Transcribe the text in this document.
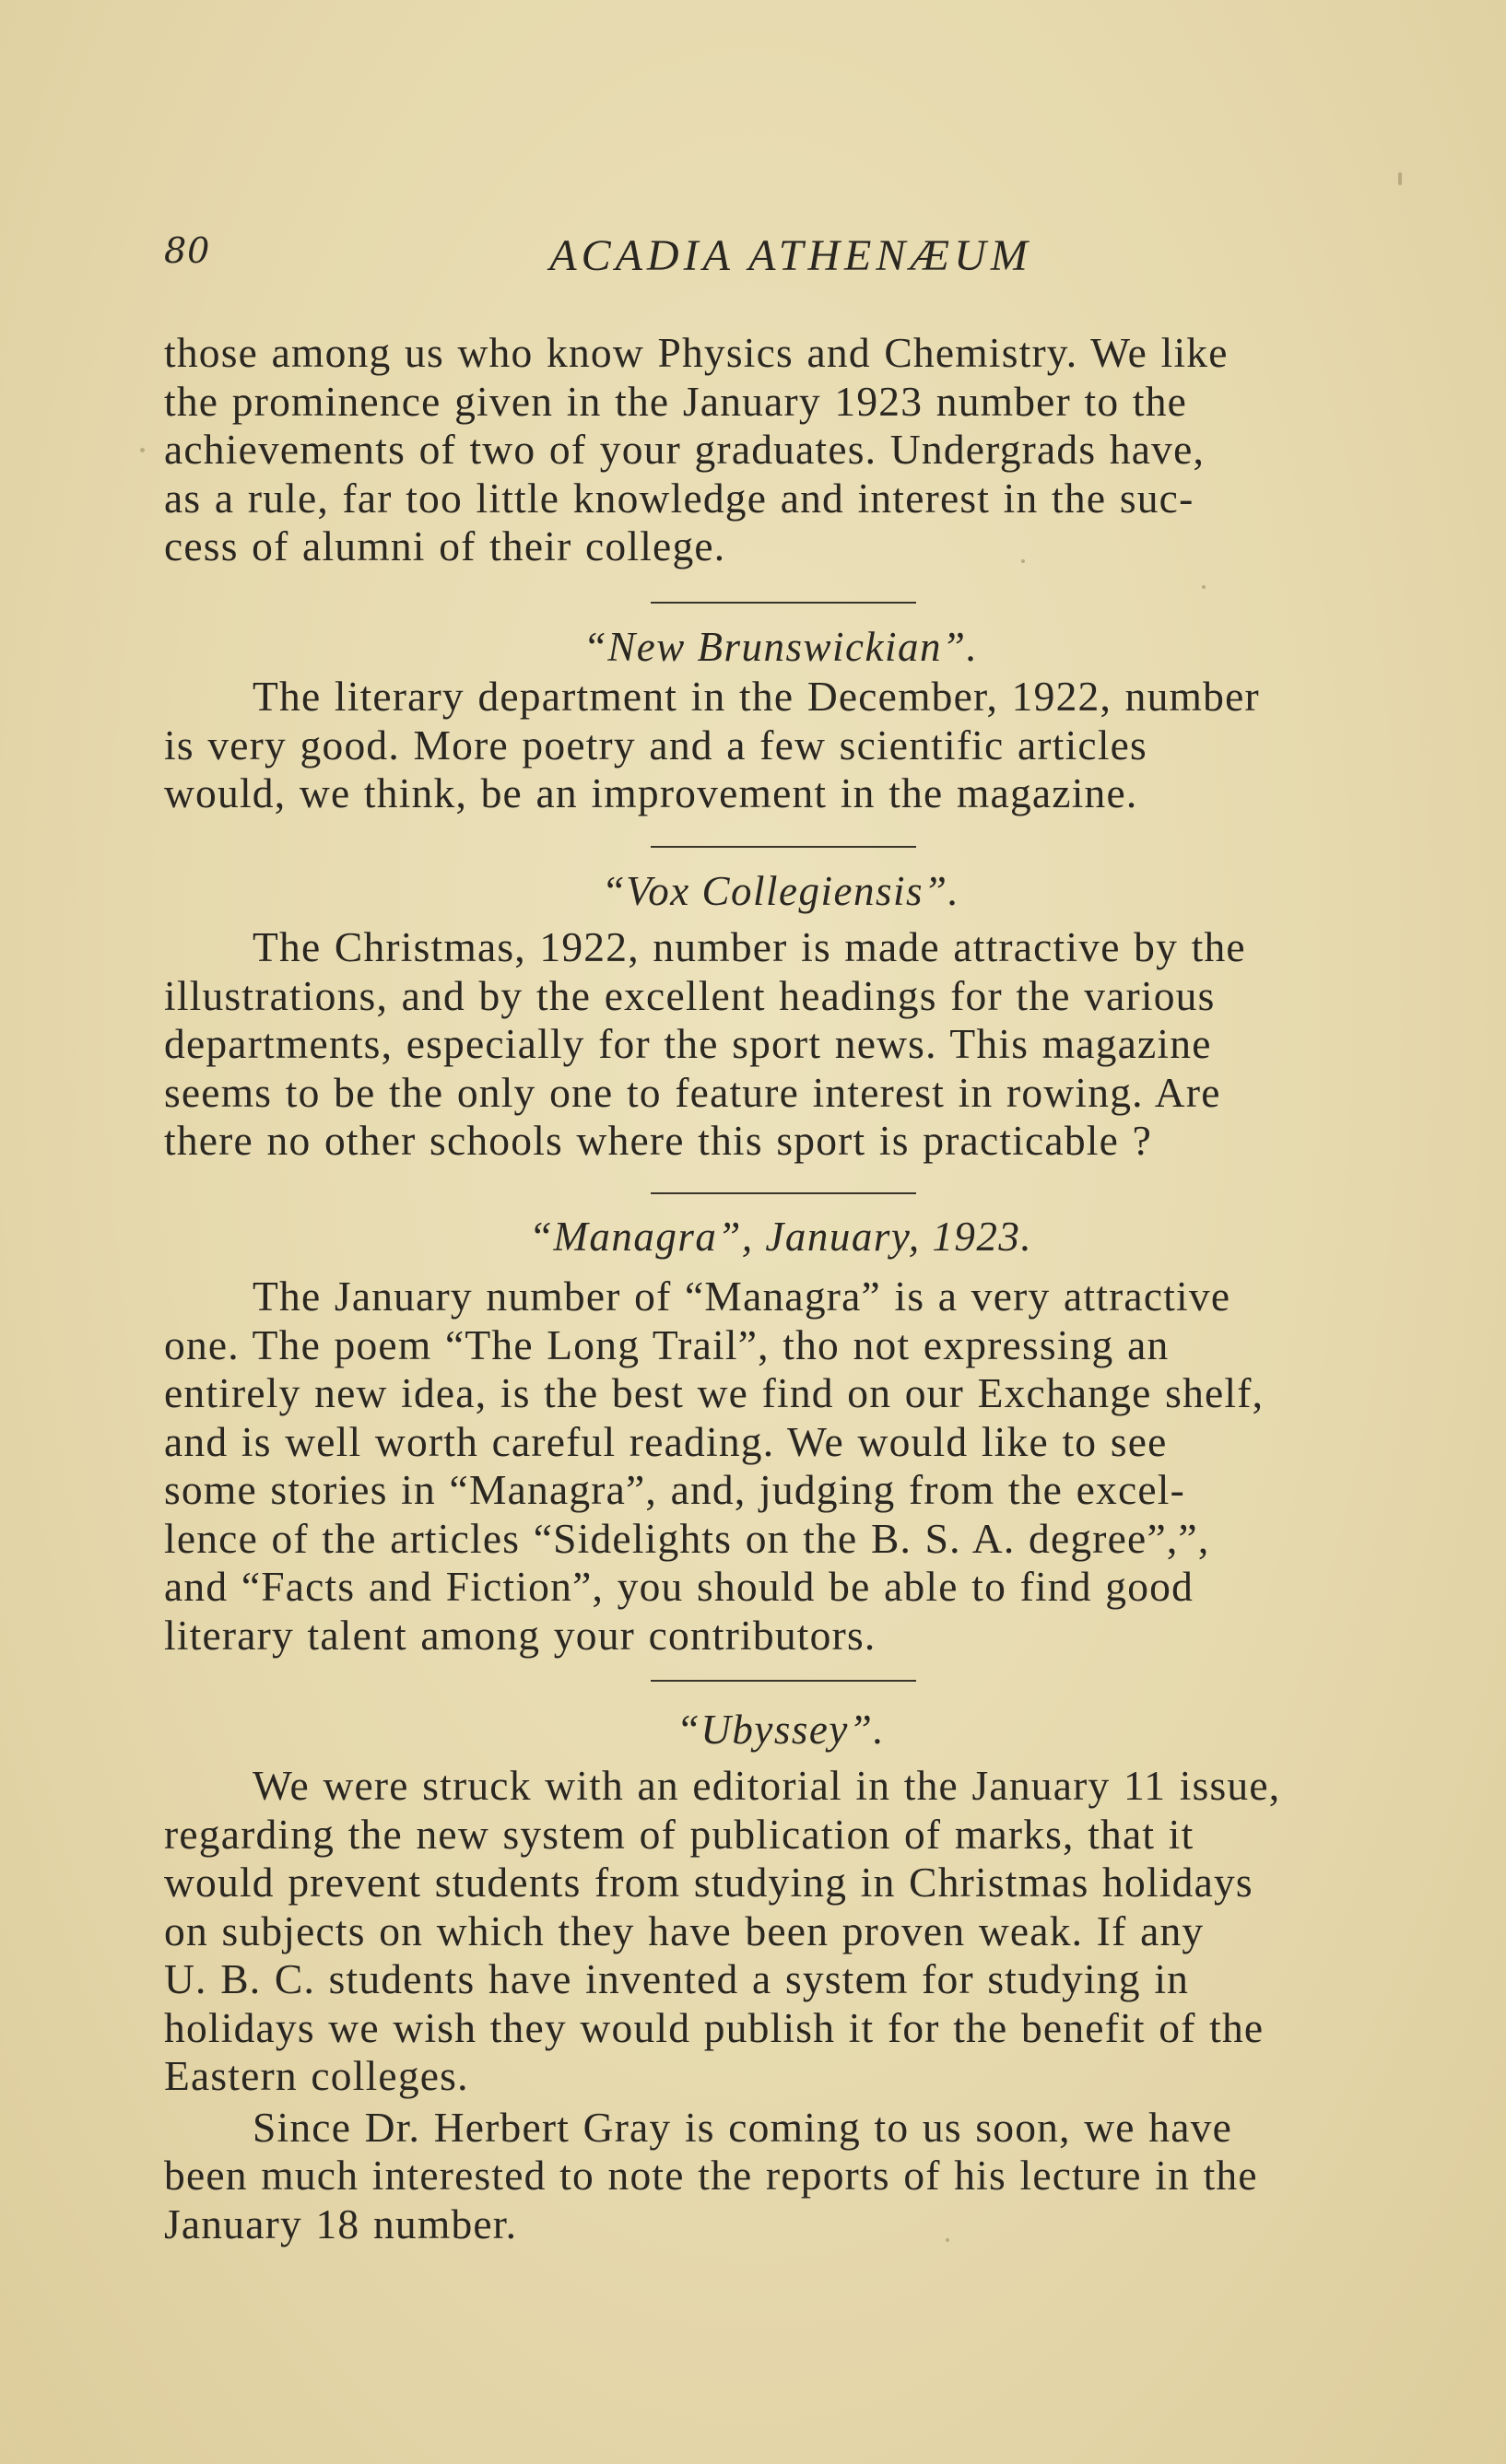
80	ACADIA ATHENÆUM
those among us who know Physics and Chemistry. We like
the prominence given in the January 1923 number to the
achievements of two of your graduates. Undergrads have,
as a rule, far too little knowledge and interest in the suc-
cess of alumni of their college.
“New Brunswickian”.
The literary department in the December, 1922, number
is very good. More poetry and a few scientific articles
would, we think, be an improvement in the magazine.
“Vox Collegiensis”.
The Christmas, 1922, number is made attractive by the
illustrations, and by the excellent headings for the various
departments, especially for the sport news. This magazine
seems to be the only one to feature interest in rowing. Are
there no other schools where this sport is practicable ?
“Managra”, January, 1923.
The January number of “Managra” is a very attractive
one. The poem “The Long Trail”, tho not expressing an
entirely new idea, is the best we find on our Exchange shelf,
and is well worth careful reading. We would like to see
some stories in “Managra”, and, judging from the excel-
lence of the articles “Sidelights on the B. S. A. degree”,”,
and “Facts and Fiction”, you should be able to find good
literary talent among your contributors.
“Ubyssey”.
We were struck with an editorial in the January 11 issue,
regarding the new system of publication of marks, that it
would prevent students from studying in Christmas holidays
on subjects on which they have been proven weak. If any
U. B. C. students have invented a system for studying in
holidays we wish they would publish it for the benefit of the
Eastern colleges.
Since Dr. Herbert Gray is coming to us soon, we have
been much interested to note the reports of his lecture in the
January 18 number.
